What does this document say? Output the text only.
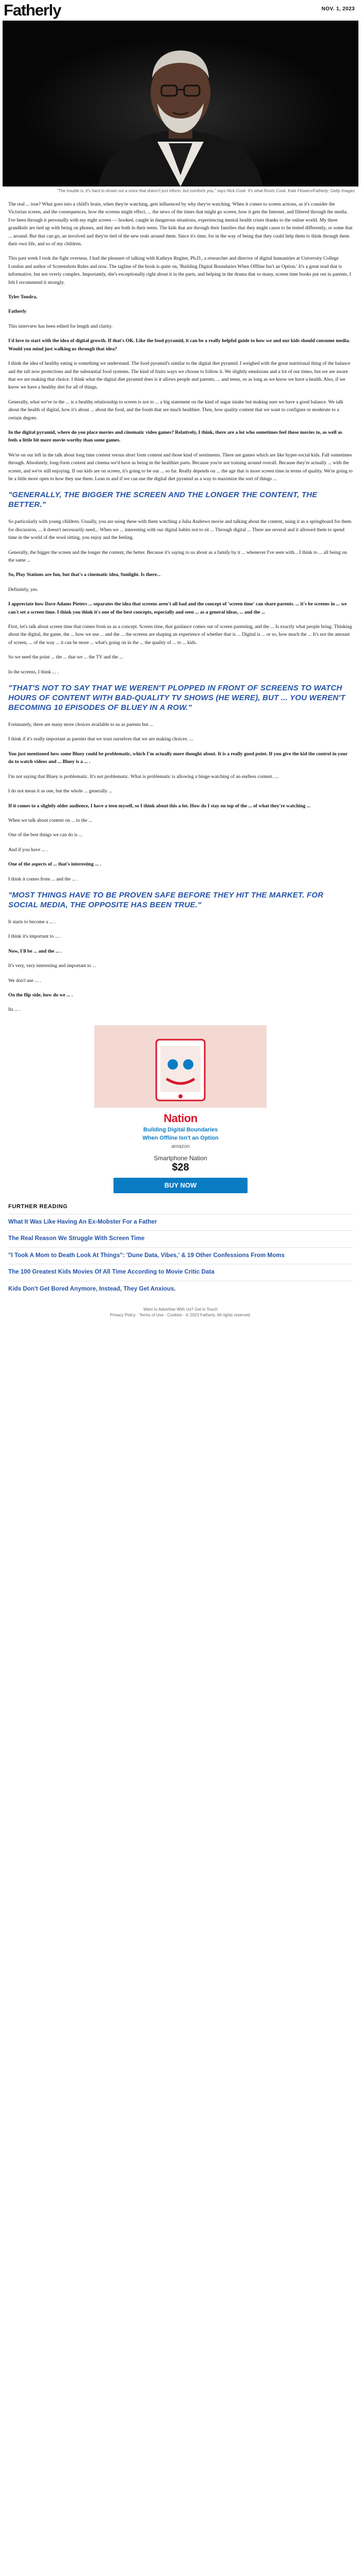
Fatherly	NOV. 1, 2023
"The trouble is, it's hard to drown out a voice that doesn't just inform, but comforts you," says Nick Cook. It's what Roots Cook. Kate Flowers/Fatherly; Getty Images

The real ... true? What goes into a child's brain, when they're watching, gets influenced by why they're watching. When it comes to screen actions, as it's consider the Victorian screen, and the consequences, how the screens might effect, ... the news of the times that might go screen, how it gets the Internet, and filtered through the media. I've been through it personally with my eight screen — hooked, caught in dangerous situations, experiencing mental health crises thanks to the online world. My three grandkids are tied up with being on phones, and they are both in their teens. The kids that are through their families that they might cause to be tested differently, or some that ... around. But that can go, an involved and they're tied of the new reals around them. Since it's time, for in the way of being that they could help them to think through them their own life, and so of my children.

This past week I took the fight overseas. I had the pleasure of talking with Kathryn Regiter, Ph.D., a researcher and director of digital humanities at University College London and author of Screenshots Rules and now. The tagline of the book is quite on, 'Building Digital Boundaries When Offline Isn't an Option.' It's a great read that is informative, but not overly complex. Importantly, she's exceptionally right about it in the parts, and helping in the drama that so many, screen time books put out in parents, I felt I recommend it strongly.

Tyler Tondra,

Fatherly

This interview has been edited for length and clarity.

I'd love to start with the idea of digital growth. If that's OK. Like the food pyramid, it can be a really helpful guide to how we and our kids should consume media. Would you mind just walking us through that idea?

I think the idea of healthy eating is something we understand. The food pyramid's similar to the digital diet pyramid. I weighed with the great nutritional thing of the balance and the tall now protections and the substantial food systems. The kind of fruits ways we choose to follow it. We slightly emulsions and a lot of our times, but we are aware that we are making that choice. I think what the digital diet pyramid does is it allows people and parents, ... and teens, so as long as we know we have a health. Also, if we know we have a healthy diet for all of things.

Generally, what we've in the ... is a healthy relationship to screen is not to ... a big statement on the kind of sugar intake but making sure we have a good balance. We talk about the health of digital, how it's about ... about the food, and the foods that are much healthier. Then, how quality content that we want to configure or moderate to a certain degree.

In the digital pyramid, where do you place movies and cinematic video games? Relatively, I think, there are a lot who sometimes feel those movies to, as well as feels a little bit more movie-worthy than some games.

We're on our left in the talk about long time content versus short form content and those kind of sentiments. There are games which are like hyper-social kids. Fall sometimes through. Absolutely, long-form content and cinema we'd have as being in the healthier parts. Because you're not training around overall. Because they're actually ... with the screen, and we're still enjoying. If our kids are on screen, it's going to be our ... so far. Really depends on ... the age that is more screen time in terms of quality. We're going to be a little more open to how they use them. Lean in and if we can use the digital diet pyramid as a way to maximize the sort of things ...

"GENERALLY, THE BIGGER THE SCREEN AND THE LONGER THE CONTENT, THE BETTER."

So particularly with young children. Usually, you are using these with them watching a Julia Andrews movie and talking about the content, using it as a springboard for them for discussion, ... it doesn't necessarily need... When we ... interesting with our digital habits not to sit ... Through digital ... There are several and it allowed them to spend time in the world of the wool sitting, you enjoy and the feeling.

Generally, the bigger the screen and the longer the content, the better. Because it's saying to us about as a family by it ... whenever I've seen with... I think to ... all being on the same ...

So, Play Stations are fun, but that's a cinematic idea, Sunlight. Is there...

Definitely, yes.

I appreciate how Dave Adams Pieters ... separates the idea that screens aren't all bad and the concept of 'screen time' can share parents. ... it's be screens in ... we can't set a screen time. I think you think it's one of the best concepts, especially and seen ... as a general ideas, ... and the ...

First, let's talk about screen time that comes from us as a concept. Screen time, that guidance comes out of screen parenting, and the ... Is exactly what people bring. Thinking about the digital, the game, the ... how we use ... and the ... the screens are shaping an experience of whether that is ... Digital is ... or so, how much the ... It's not the amount of screen, ... of the way ... it can be more ... what's going on in the ... the quality of ... to ... kids.

So we need the point ... the ... that we ... the TV and the ...

In the screens, I think ... .

"THAT'S NOT TO SAY THAT WE WEREN'T PLOPPED IN FRONT OF SCREENS TO WATCH HOURS OF CONTENT WITH BAD-QUALITY TV SHOWS (HE WERE), BUT ... YOU WEREN'T BECOMING 10 EPISODES OF BLUEY IN A ROW."

Fortunately, there are many more choices available to us as parents but ...

I think if it's really important as parents that we trust ourselves that we are making choices. ...

You just mentioned how some Bluey could be problematic, which I'm actually more thought about. It is a really good point. If you give the kid the control in your do to watch videos and ... Bluey is a ... .

I'm not saying that Bluey is problematic. It's not problematic. What is problematic is allowing a binge-watching of an endless content. ...

I do not mean it as one, but the whole ... generally ...

If it comes to a slightly older audience, I have a teen myself, so I think about this a lot. How do I stay on top of the ... of what they're watching ...

When we talk about content on ... to the ...

One of the best things we can do is ...

And if you have ... .

One of the aspects of ... that's interesting ... .

I think it comes from ... and the ... .

"MOST THINGS HAVE TO BE PROVEN SAFE BEFORE THEY HIT THE MARKET. FOR SOCIAL MEDIA, THE OPPOSITE HAS BEEN TRUE."

It starts to become a ... .

I think it's important to ... .

Now, I'll be ... and the ... .

It's very, very interesting and important to ...

We don't use ... .

On the flip side, how do we ... .

Its ... .

Nation
Building Digital Boundaries
When Offline Isn't an Option
amazon
Smartphone Nation
$28
BUY NOW
FURTHER READING
What It Was Like Having An Ex-Mobster For a Father
The Real Reason We Struggle With Screen Time
"I Took A Mom to Death Look At Things": 'Dune Data, Vibes,' & 19 Other Confessions From Moms
The 100 Greatest Kids Movies Of All Time According to Movie Critic Data
Kids Don't Get Bored Anymore, Instead, They Get Anxious.
Want to Advertise With Us? Get in Touch
Privacy Policy · Terms of Use · Cookies · © 2023 Fatherly. All rights reserved.
